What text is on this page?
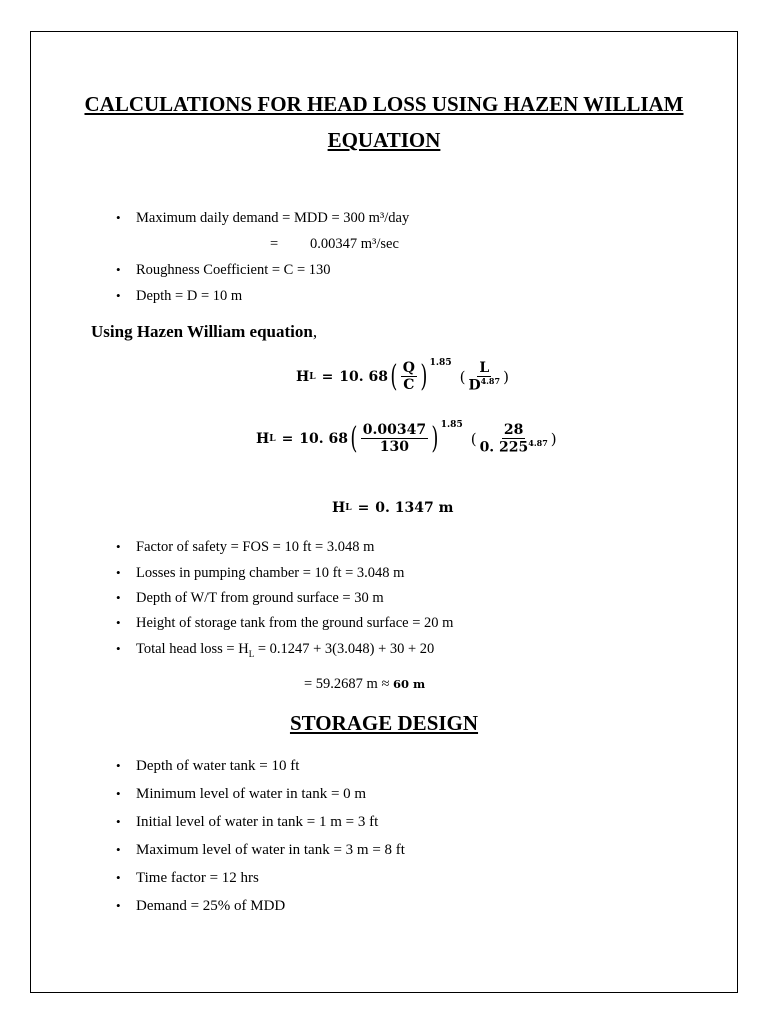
CALCULATIONS FOR HEAD LOSS USING HAZEN WILLIAM
EQUATION
• Maximum daily demand = MDD = 300 m³/day
= 0.00347 m³/sec
• Roughness Coefficient = C = 130
• Depth = D = 10 m
Using Hazen William equation,
H L = 10. 68 ( $\frac{Q}{C}$ ) $^{1.85}$
( $\frac{L}{D^{4.87}}$ )
H L = 10. 68 ( $\frac{0.00347}{130}$ ) $^{1.85}$
( $\frac{28}{0. 225^{4.87}}$ )
H L = 0. 1347 m
• Factor of safety = FOS = 10 ft = 3.048 m
• Losses in pumping chamber = 10 ft = 3.048 m
• Depth of W/T from ground surface = 30 m
• Height of storage tank from the ground surface = 20 m
• Total head loss = $H_L = 0.1247 + 3(3.048) + 30 + 20$
= 59.2687 m ≈ 60 m
STORAGE DESIGN
• Depth of water tank = 10 ft
• Minimum level of water in tank = 0 m
• Initial level of water in tank = 1 m = 3 ft
• Maximum level of water in tank = 3 m = 8 ft
• Time factor = 12 hrs
• Demand = 25% of MDD
